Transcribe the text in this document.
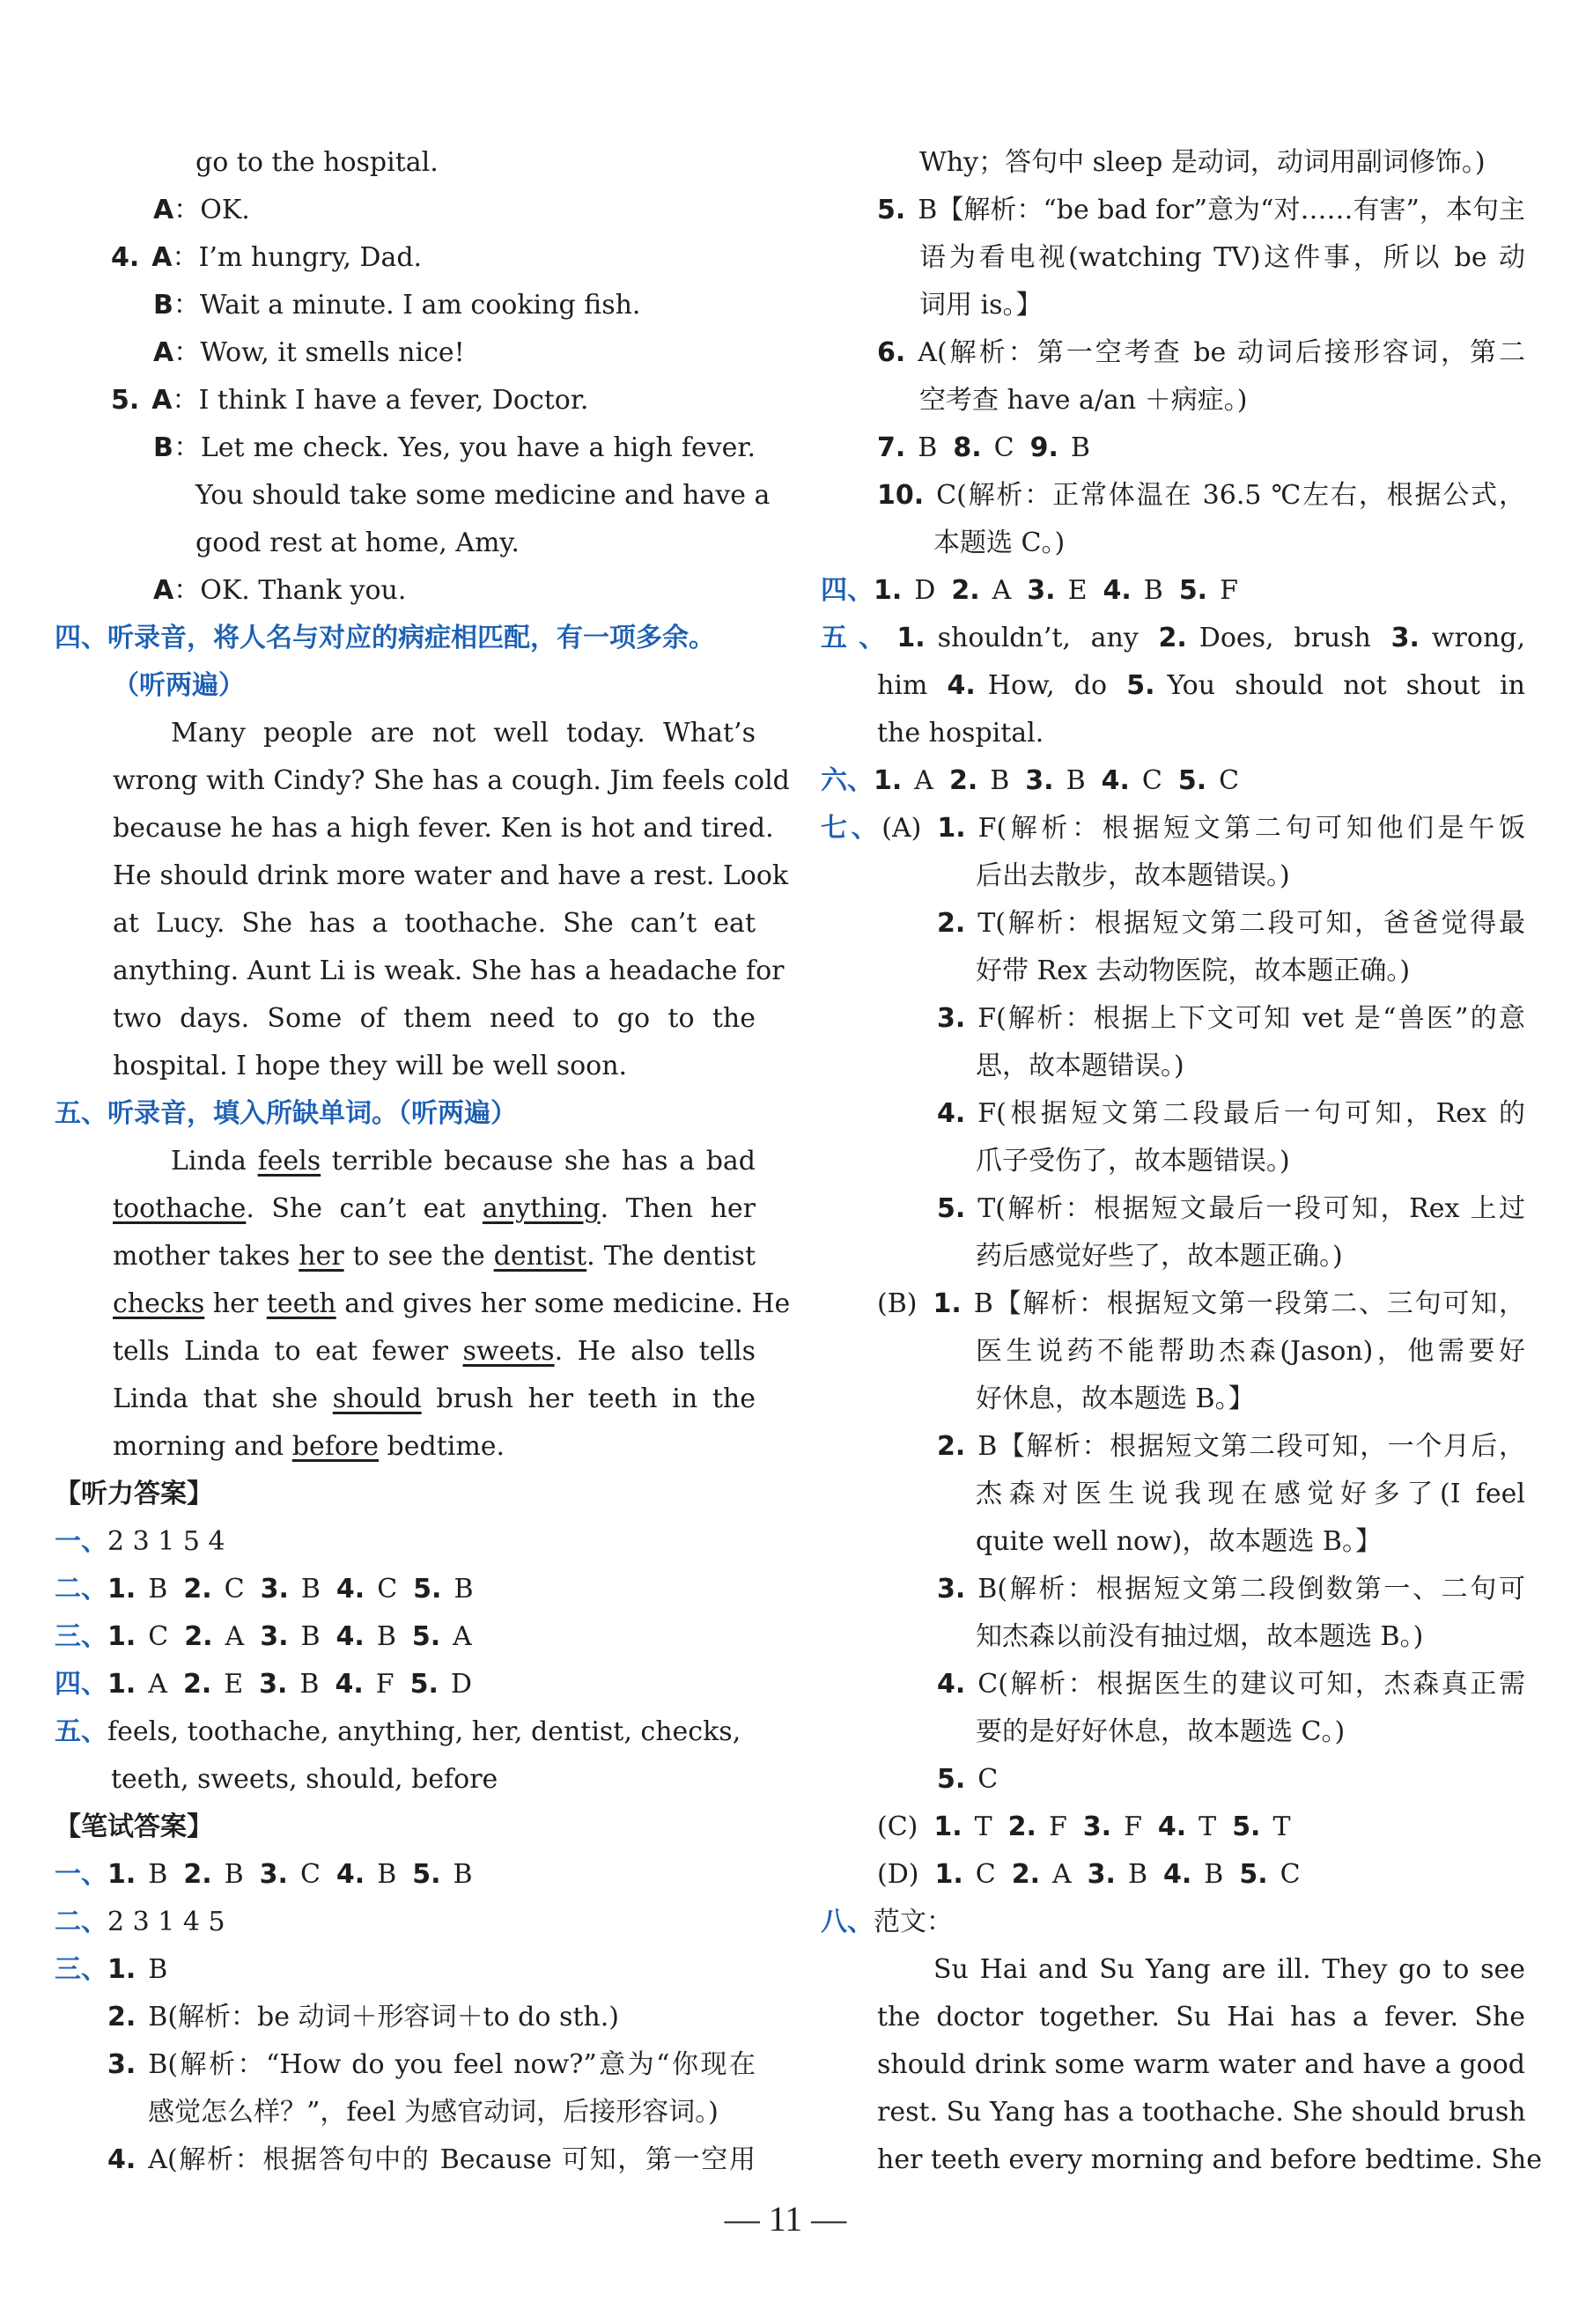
go to the hospital.
A：OK.
4. A：I’m hungry, Dad.
B：Wait a minute. I am cooking fish.
A：Wow, it smells nice!
5. A：I think I have a fever, Doctor.
B：Let me check. Yes, you have a high fever.
You should take some medicine and have a
good rest at home, Amy.
A：OK. Thank you.
四、听录音，将人名与对应的病症相匹配，有一项多余。
（听两遍）
Many people are not well today. What’s
wrong with Cindy? She has a cough. Jim feels cold
because he has a high fever. Ken is hot and tired.
He should drink more water and have a rest. Look
at Lucy. She has a toothache. She can’t eat
anything. Aunt Li is weak. She has a headache for
two days. Some of them need to go to the
hospital. I hope they will be well soon.
五、听录音，填入所缺单词。（听两遍）
Linda feels terrible because she has a bad
toothache. She can’t eat anything. Then her
mother takes her to see the dentist. The dentist
checks her teeth and gives her some medicine. He
tells Linda to eat fewer sweets. He also tells
Linda that she should brush her teeth in the
morning and before bedtime.
【听力答案】
一、2 3 1 5 4
二、1. B 2. C 3. B 4. C 5. B
三、1. C 2. A 3. B 4. B 5. A
四、1. A 2. E 3. B 4. F 5. D
五、feels, toothache, anything, her, dentist, checks,
teeth, sweets, should, before
【笔试答案】
一、1. B 2. B 3. C 4. B 5. B
二、2 3 1 4 5
三、1. B
2. B(解析：be 动词＋形容词＋to do sth.)
3. B(解析：“How do you feel now?”意为“你现在
感觉怎么样？”，feel 为感官动词，后接形容词。)
4. A(解析：根据答句中的 Because 可知，第一空用
Why；答句中 sleep 是动词，动词用副词修饰。)
5. B【解析：“be bad for”意为“对……有害”，本句主
语为看电视(watching TV)这件事，所以 be 动
词用 is。】
6. A(解析：第一空考查 be 动词后接形容词，第二
空考查 have a/an ＋病症。)
7. B 8. C 9. B
10. C(解析：正常体温在 36.5 ℃左右，根据公式，
本题选 C。)
四、1. D 2. A 3. E 4. B 5. F
五、1. shouldn’t, any 2. Does, brush 3. wrong,
him 4. How, do 5. You should not shout in
the hospital.
六、1. A 2. B 3. B 4. C 5. C
七、(A) 1. F(解析：根据短文第二句可知他们是午饭
后出去散步，故本题错误。)
2. T(解析：根据短文第二段可知，爸爸觉得最
好带 Rex 去动物医院，故本题正确。)
3. F(解析：根据上下文可知 vet 是“兽医”的意
思，故本题错误。)
4. F(根据短文第二段最后一句可知，Rex 的
爪子受伤了，故本题错误。)
5. T(解析：根据短文最后一段可知，Rex 上过
药后感觉好些了，故本题正确。)
(B) 1. B【解析：根据短文第一段第二、三句可知，
医生说药不能帮助杰森(Jason)，他需要好
好休息，故本题选 B。】
2. B【解析：根据短文第二段可知，一个月后，
杰森对医生说我现在感觉好多了(I feel
quite well now)，故本题选 B。】
3. B(解析：根据短文第二段倒数第一、二句可
知杰森以前没有抽过烟，故本题选 B。)
4. C(解析：根据医生的建议可知，杰森真正需
要的是好好休息，故本题选 C。)
5. C
(C) 1. T 2. F 3. F 4. T 5. T
(D) 1. C 2. A 3. B 4. B 5. C
八、范文：
Su Hai and Su Yang are ill. They go to see
the doctor together. Su Hai has a fever. She
should drink some warm water and have a good
rest. Su Yang has a toothache. She should brush
her teeth every morning and before bedtime. She
— 11 —
